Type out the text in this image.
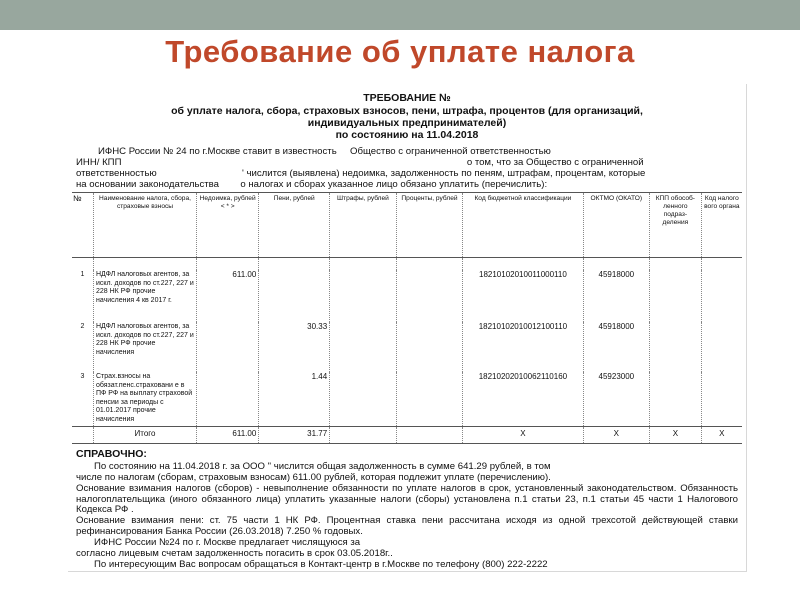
Требование об уплате налога
ТРЕБОВАНИЕ №
об уплате налога, сбора, страховых взносов, пени, штрафа, процентов (для организаций,
индивидуальных предпринимателей)
по состоянию на 11.04.2018
ИФНС России № 24 по г.Москве ставит в известность Общество с ограниченной ответственностью
ИНН/ КПП	о том, что за Общество с ограниченной
ответственностью	' числится (выявлена) недоимка, задолженность по пеням, штрафам, процентам, которые
на основании законодательства о налогах и сборах указанное лицо обязано уплатить (перечислить):
№	Наименование налога, сбора, страховые взносы	Недоимка, рублей < * >	Пени, рублей	Штрафы, рублей	Проценты, рублей	Код бюджетной классификации	ОКТМО (ОКАТО)	КПП обособ-ленного подраз-деления	Код налого вого органа

1	НДФЛ налоговых агентов, за искл. доходов по ст.227, 227 и 228 НК РФ прочие начисления 4 кв 2017 г.	611.00				18210102010011000110	45918000		
2	НДФЛ налоговых агентов, за искл. доходов по ст.227, 227 и 228 НК РФ прочие начисления		30.33			18210102010012100110	45918000		
3	Страх.взносы на обязат.пенс.страховани е в ПФ РФ на выплату страховой пенсии за периоды с 01.01.2017 прочие начисления		1.44			18210202010062110160	45923000		
	Итого	611.00	31.77			X	X	X	X
СПРАВОЧНО:
По состоянию на 11.04.2018 г. за ООО " числится общая задолженность в сумме 641.29 рублей, в том
числе по налогам (сборам, страховым взносам) 611.00 рублей, которая подлежит уплате (перечислению).
Основание взимания налогов (сборов) - невыполнение обязанности по уплате налогов в срок, установленный законодательством. Обязанность налогоплательщика (иного обязанного лица) уплатить указанные налоги (сборы) установлена п.1 статьи 23, п.1 статьи 45 части 1 Налогового Кодекса РФ .
Основание взимания пени: ст. 75 части 1 НК РФ. Процентная ставка пени рассчитана исходя из одной трехсотой действующей ставки рефинансирования Банка России (26.03.2018) 7.250 % годовых.
ИФНС России №24 по г. Москве предлагает числящуюся за
согласно лицевым счетам задолженность погасить в срок 03.05.2018г..
По интересующим Вас вопросам обращаться в Контакт-центр в г.Москве по телефону (800) 222-2222
